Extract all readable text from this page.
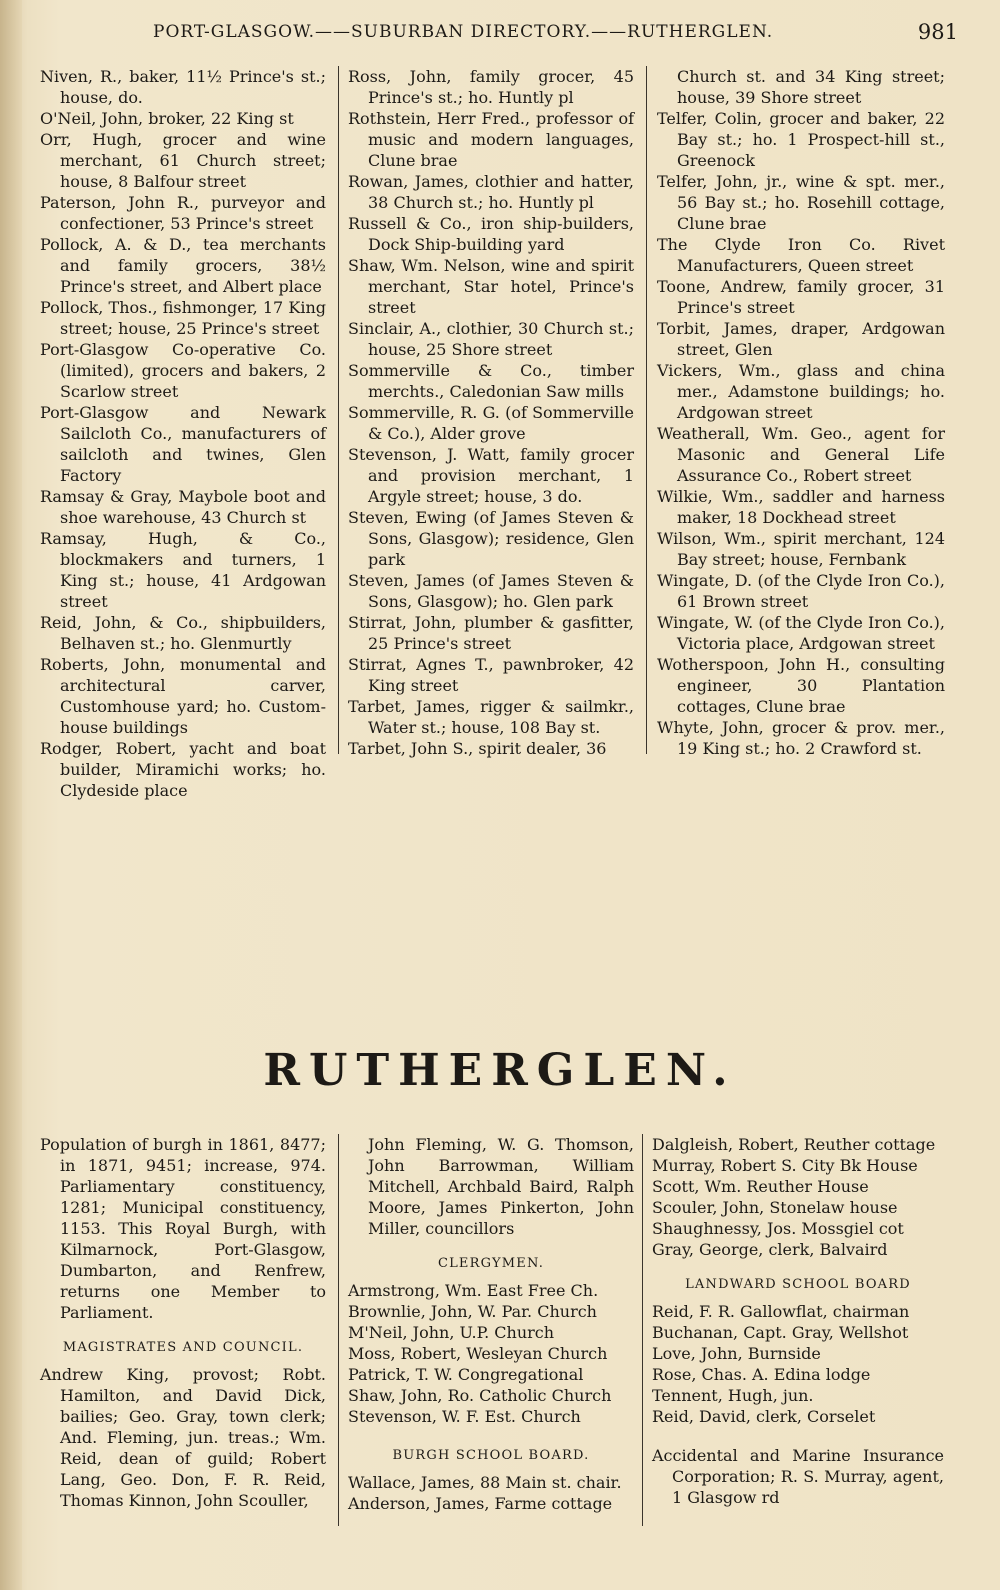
PORT-GLASGOW.——SUBURBAN DIRECTORY.——RUTHERGLEN.	981

Niven, R., baker, 11½ Prince's st.; house, do.

O'Neil, John, broker, 22 King st

Orr, Hugh, grocer and wine merchant, 61 Church street; house, 8 Balfour street

Paterson, John R., purveyor and confectioner, 53 Prince's street

Pollock, A. & D., tea merchants and family grocers, 38½ Prince's street, and Albert place

Pollock, Thos., fishmonger, 17 King street; house, 25 Prince's street

Port-Glasgow Co-operative Co. (limited), grocers and bakers, 2 Scarlow street

Port-Glasgow and Newark Sailcloth Co., manufacturers of sailcloth and twines, Glen Factory

Ramsay & Gray, Maybole boot and shoe warehouse, 43 Church st

Ramsay, Hugh, & Co., blockmakers and turners, 1 King st.; house, 41 Ardgowan street

Reid, John, & Co., shipbuilders, Belhaven st.; ho. Glenmurtly

Roberts, John, monumental and architectural carver, Customhouse yard; ho. Custom-house buildings

Rodger, Robert, yacht and boat builder, Miramichi works; ho. Clydeside place

Ross, John, family grocer, 45 Prince's st.; ho. Huntly pl

Rothstein, Herr Fred., professor of music and modern languages, Clune brae

Rowan, James, clothier and hatter, 38 Church st.; ho. Huntly pl

Russell & Co., iron ship-builders, Dock Ship-building yard

Shaw, Wm. Nelson, wine and spirit merchant, Star hotel, Prince's street

Sinclair, A., clothier, 30 Church st.; house, 25 Shore street

Sommerville & Co., timber merchts., Caledonian Saw mills

Sommerville, R. G. (of Sommerville & Co.), Alder grove

Stevenson, J. Watt, family grocer and provision merchant, 1 Argyle street; house, 3 do.

Steven, Ewing (of James Steven & Sons, Glasgow); residence, Glen park

Steven, James (of James Steven & Sons, Glasgow); ho. Glen park

Stirrat, John, plumber & gasfitter, 25 Prince's street

Stirrat, Agnes T., pawnbroker, 42 King street

Tarbet, James, rigger & sailmkr., Water st.; house, 108 Bay st.

Tarbet, John S., spirit dealer, 36

Church st. and 34 King street; house, 39 Shore street

Telfer, Colin, grocer and baker, 22 Bay st.; ho. 1 Prospect-hill st., Greenock

Telfer, John, jr., wine & spt. mer., 56 Bay st.; ho. Rosehill cottage, Clune brae

The Clyde Iron Co. Rivet Manufacturers, Queen street

Toone, Andrew, family grocer, 31 Prince's street

Torbit, James, draper, Ardgowan street, Glen

Vickers, Wm., glass and china mer., Adamstone buildings; ho. Ardgowan street

Weatherall, Wm. Geo., agent for Masonic and General Life Assurance Co., Robert street

Wilkie, Wm., saddler and harness maker, 18 Dockhead street

Wilson, Wm., spirit merchant, 124 Bay street; house, Fernbank

Wingate, D. (of the Clyde Iron Co.), 61 Brown street

Wingate, W. (of the Clyde Iron Co.), Victoria place, Ardgowan street

Wotherspoon, John H., consulting engineer, 30 Plantation cottages, Clune brae

Whyte, John, grocer & prov. mer., 19 King st.; ho. 2 Crawford st.

RUTHERGLEN.

Population of burgh in 1861, 8477; in 1871, 9451; increase, 974. Parliamentary constituency, 1281; Municipal constituency, 1153. This Royal Burgh, with Kilmarnock, Port-Glasgow, Dumbarton, and Renfrew, returns one Member to Parliament.

MAGISTRATES AND COUNCIL.

Andrew King, provost; Robt. Hamilton, and David Dick, bailies; Geo. Gray, town clerk; And. Fleming, jun. treas.; Wm. Reid, dean of guild; Robert Lang, Geo. Don, F. R. Reid, Thomas Kinnon, John Scouller,

John Fleming, W. G. Thomson, John Barrowman, William Mitchell, Archbald Baird, Ralph Moore, James Pinkerton, John Miller, councillors

CLERGYMEN.

Armstrong, Wm. East Free Ch.

Brownlie, John, W. Par. Church

M'Neil, John, U.P. Church

Moss, Robert, Wesleyan Church

Patrick, T. W. Congregational

Shaw, John, Ro. Catholic Church

Stevenson, W. F. Est. Church

BURGH SCHOOL BOARD.

Wallace, James, 88 Main st. chair.

Anderson, James, Farme cottage

Dalgleish, Robert, Reuther cottage

Murray, Robert S. City Bk House

Scott, Wm. Reuther House

Scouler, John, Stonelaw house

Shaughnessy, Jos. Mossgiel cot

Gray, George, clerk, Balvaird

LANDWARD SCHOOL BOARD

Reid, F. R. Gallowflat, chairman

Buchanan, Capt. Gray, Wellshot

Love, John, Burnside

Rose, Chas. A. Edina lodge

Tennent, Hugh, jun.

Reid, David, clerk, Corselet

Accidental and Marine Insurance Corporation; R. S. Murray, agent, 1 Glasgow rd
